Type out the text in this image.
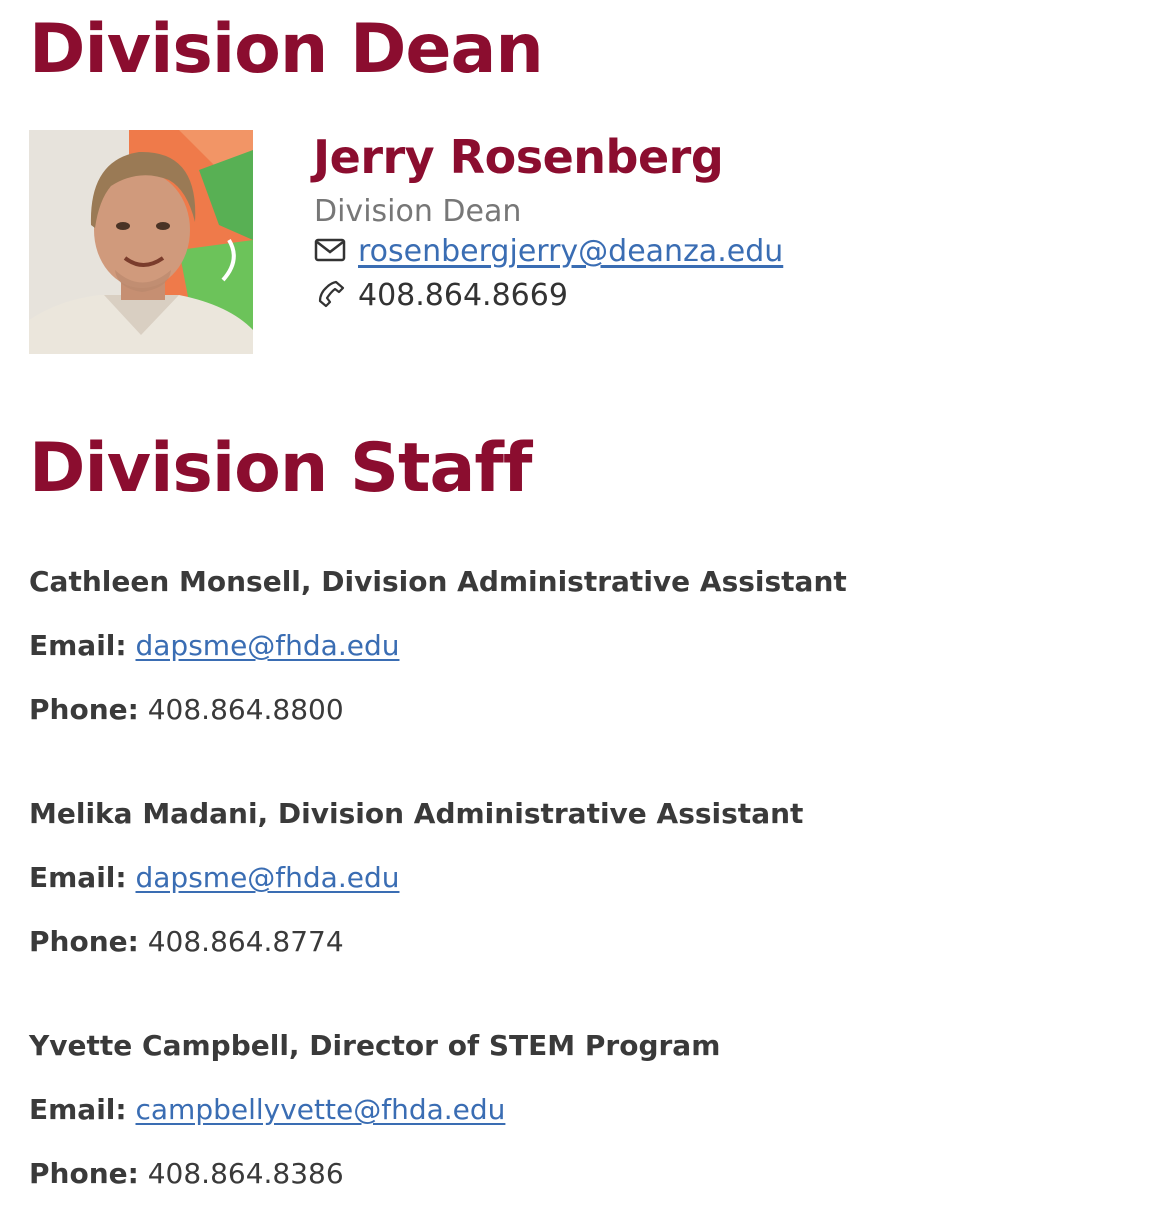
Division Dean
Jerry Rosenberg
Division Dean
rosenbergjerry@deanza.edu
408.864.8669
Division Staff
Cathleen Monsell, Division Administrative Assistant
Email: dapsme@fhda.edu
Phone: 408.864.8800
Melika Madani, Division Administrative Assistant
Email: dapsme@fhda.edu
Phone: 408.864.8774
Yvette Campbell, Director of STEM Program
Email: campbellyvette@fhda.edu
Phone: 408.864.8386
